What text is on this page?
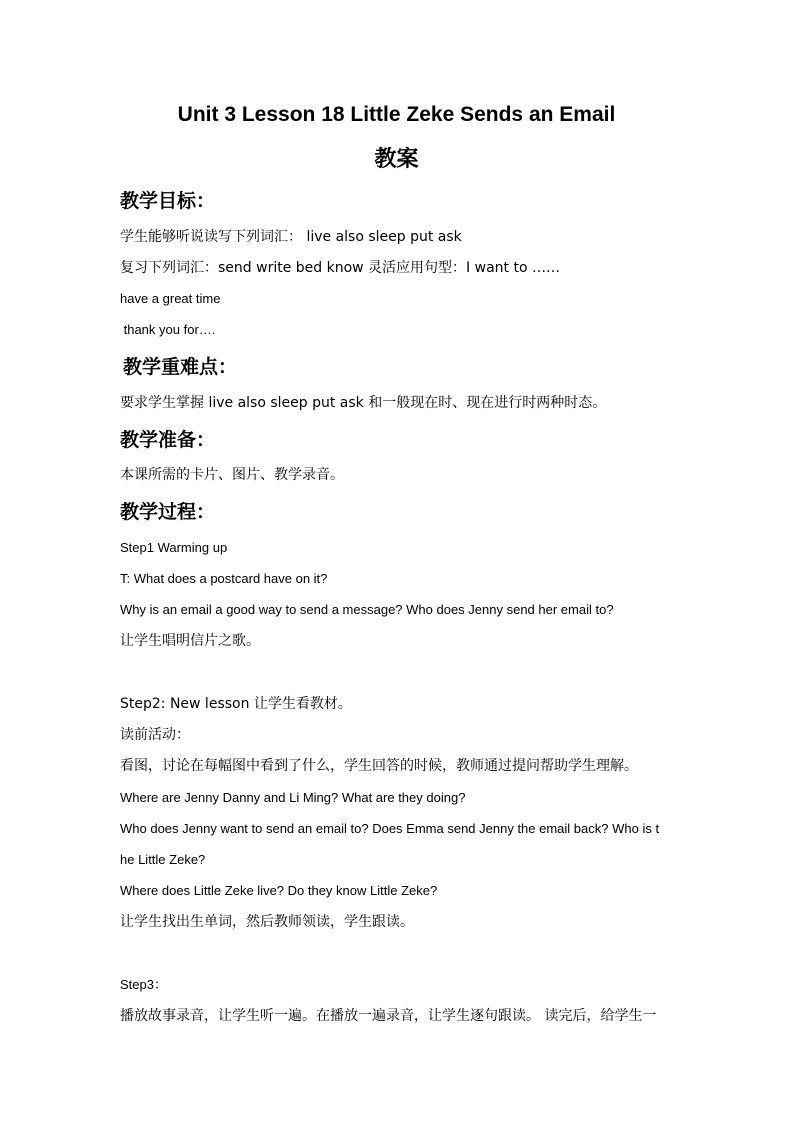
Unit 3 Lesson 18 Little Zeke Sends an Email
教案
教学目标：
学生能够听说读写下列词汇： live also sleep put ask
复习下列词汇：send write bed know 灵活应用句型：I want to ……
have a great time
thank you for….
教学重难点：
要求学生掌握 live also sleep put ask 和一般现在时、现在进行时两种时态。
教学准备：
本课所需的卡片、图片、教学录音。
教学过程：
Step1 Warming up
T: What does a postcard have on it?
Why is an email a good way to send a message? Who does Jenny send her email to?
让学生唱明信片之歌。
Step2: New lesson 让学生看教材。
读前活动：
看图，讨论在每幅图中看到了什么，学生回答的时候，教师通过提问帮助学生理解。
Where are Jenny Danny and Li Ming? What are they doing?
Who does Jenny want to send an email to? Does Emma send Jenny the email back? Who is t
he Little Zeke?
Where does Little Zeke live? Do they know Little Zeke?
让学生找出生单词，然后教师领读，学生跟读。
Step3：
播放故事录音，让学生听一遍。在播放一遍录音，让学生逐句跟读。 读完后，给学生一
